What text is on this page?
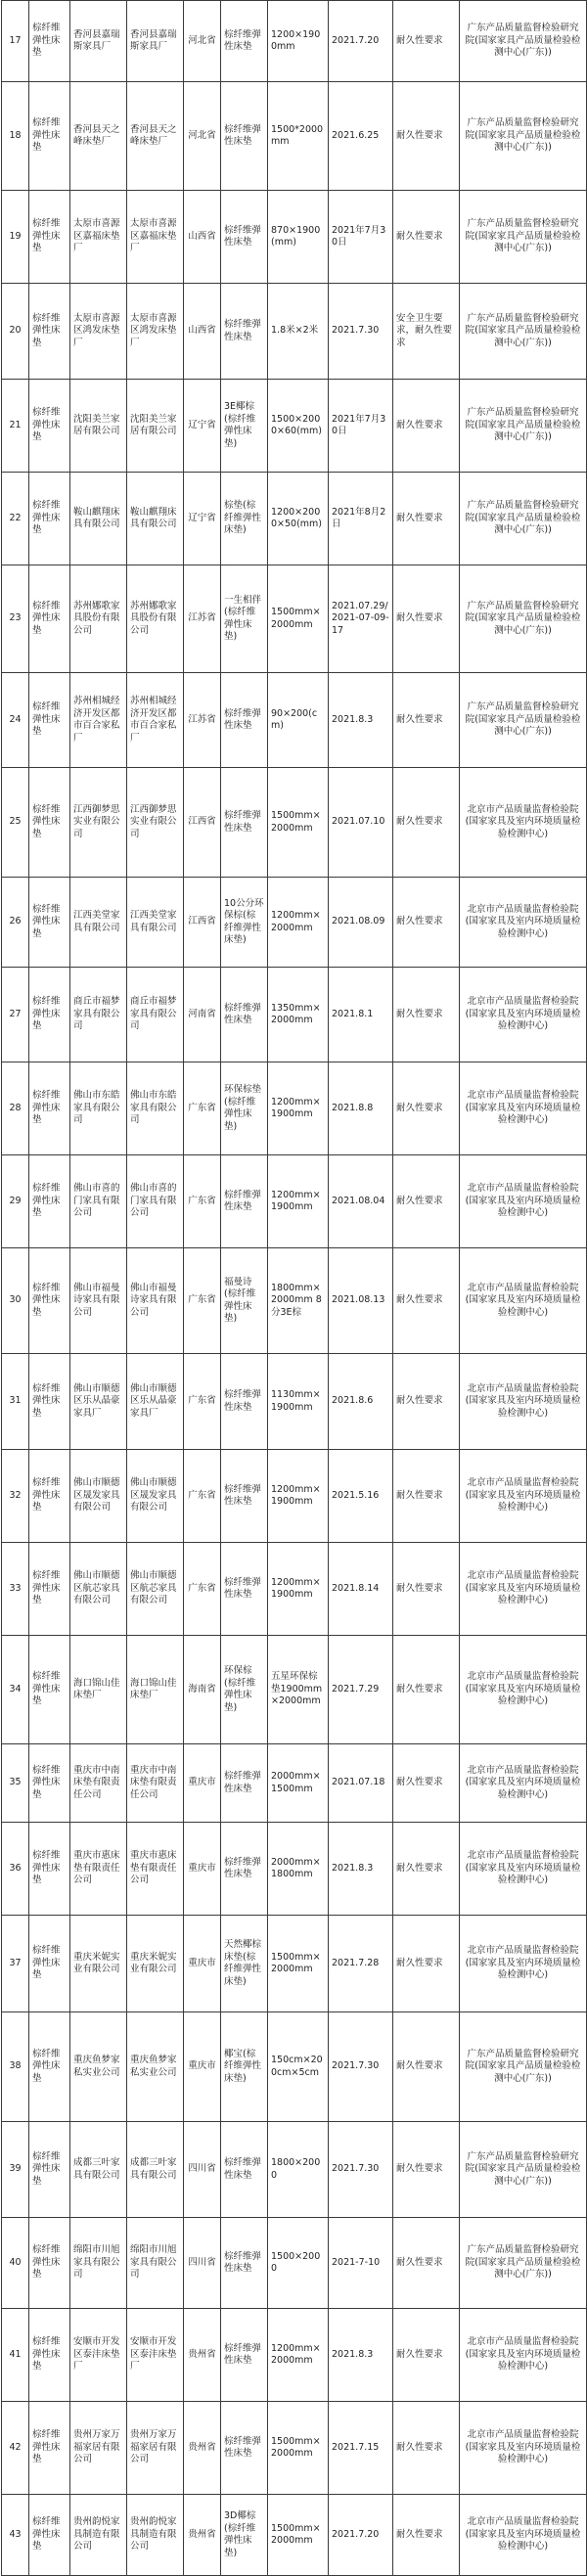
17	棕纤维弹性床垫	香河县嘉瑞斯家具厂	香河县嘉瑞斯家具厂	河北省	棕纤维弹性床垫	1200×1900mm	2021.7.20	耐久性要求	广东产品质量监督检验研究院(国家家具产品质量检验检测中心(广东))
18	棕纤维弹性床垫	香河县天之峰床垫厂	香河县天之峰床垫厂	河北省	棕纤维弹性床垫	1500*2000mm	2021.6.25	耐久性要求	广东产品质量监督检验研究院(国家家具产品质量检验检测中心(广东))
19	棕纤维弹性床垫	太原市喜源区嘉福床垫厂	太原市喜源区嘉福床垫厂	山西省	棕纤维弹性床垫	870×1900(mm)	2021年7月30日	耐久性要求	广东产品质量监督检验研究院(国家家具产品质量检验检测中心(广东))
20	棕纤维弹性床垫	太原市喜源区鸿发床垫厂	太原市喜源区鸿发床垫厂	山西省	棕纤维弹性床垫	1.8米×2米	2021.7.30	安全卫生要求，耐久性要求	广东产品质量监督检验研究院(国家家具产品质量检验检测中心(广东))
21	棕纤维弹性床垫	沈阳美兰家居有限公司	沈阳美兰家居有限公司	辽宁省	3E椰棕(棕纤维弹性床垫)	1500×2000×60(mm)	2021年7月30日	耐久性要求	广东产品质量监督检验研究院(国家家具产品质量检验检测中心(广东))
22	棕纤维弹性床垫	鞍山麒翔床具有限公司	鞍山麒翔床具有限公司	辽宁省	棕垫(棕纤维弹性床垫)	1200×2000×50(mm)	2021年8月2日	耐久性要求	广东产品质量监督检验研究院(国家家具产品质量检验检测中心(广东))
23	棕纤维弹性床垫	苏州娜歌家具股份有限公司	苏州娜歌家具股份有限公司	江苏省	一生相伴(棕纤维弹性床垫)	1500mm×2000mm	2021.07.29/2021-07-09-17	耐久性要求	广东产品质量监督检验研究院(国家家具产品质量检验检测中心(广东))
24	棕纤维弹性床垫	苏州相城经济开发区都市百合家私厂	苏州相城经济开发区都市百合家私厂	江苏省	棕纤维弹性床垫	90×200(cm)	2021.8.3	耐久性要求	广东产品质量监督检验研究院(国家家具产品质量检验检测中心(广东))
25	棕纤维弹性床垫	江西御梦思实业有限公司	江西御梦思实业有限公司	江西省	棕纤维弹性床垫	1500mm×2000mm	2021.07.10	耐久性要求	北京市产品质量监督检验院(国家家具及室内环境质量检验检测中心)
26	棕纤维弹性床垫	江西美堂家具有限公司	江西美堂家具有限公司	江西省	10公分环保棕(棕纤维弹性床垫)	1200mm×2000mm	2021.08.09	耐久性要求	北京市产品质量监督检验院(国家家具及室内环境质量检验检测中心)
27	棕纤维弹性床垫	商丘市福梦家具有限公司	商丘市福梦家具有限公司	河南省	棕纤维弹性床垫	1350mm×2000mm	2021.8.1	耐久性要求	北京市产品质量监督检验院(国家家具及室内环境质量检验检测中心)
28	棕纤维弹性床垫	佛山市东皓家具有限公司	佛山市东皓家具有限公司	广东省	环保棕垫(棕纤维弹性床垫)	1200mm×1900mm	2021.8.8	耐久性要求	北京市产品质量监督检验院(国家家具及室内环境质量检验检测中心)
29	棕纤维弹性床垫	佛山市喜的门家具有限公司	佛山市喜的门家具有限公司	广东省	棕纤维弹性床垫	1200mm×1900mm	2021.08.04	耐久性要求	北京市产品质量监督检验院(国家家具及室内环境质量检验检测中心)
30	棕纤维弹性床垫	佛山市福曼诗家具有限公司	佛山市福曼诗家具有限公司	广东省	福曼诗(棕纤维弹性床垫)	1800mm×2000mm 8分3E棕	2021.08.13	耐久性要求	北京市产品质量监督检验院(国家家具及室内环境质量检验检测中心)
31	棕纤维弹性床垫	佛山市顺德区乐从晶豪家具厂	佛山市顺德区乐从晶豪家具厂	广东省	棕纤维弹性床垫	1130mm×1900mm	2021.8.6	耐久性要求	北京市产品质量监督检验院(国家家具及室内环境质量检验检测中心)
32	棕纤维弹性床垫	佛山市顺德区晟发家具有限公司	佛山市顺德区晟发家具有限公司	广东省	棕纤维弹性床垫	1200mm×1900mm	2021.5.16	耐久性要求	北京市产品质量监督检验院(国家家具及室内环境质量检验检测中心)
33	棕纤维弹性床垫	佛山市顺德区航芯家具有限公司	佛山市顺德区航芯家具有限公司	广东省	棕纤维弹性床垫	1200mm×1900mm	2021.8.14	耐久性要求	北京市产品质量监督检验院(国家家具及室内环境质量检验检测中心)
34	棕纤维弹性床垫	海口锦山佳床垫厂	海口锦山佳床垫厂	海南省	环保棕(棕纤维弹性床垫)	五星环保棕垫1900mm×2000mm	2021.7.29	耐久性要求	北京市产品质量监督检验院(国家家具及室内环境质量检验检测中心)
35	棕纤维弹性床垫	重庆市中南床垫有限责任公司	重庆市中南床垫有限责任公司	重庆市	棕纤维弹性床垫	2000mm×1500mm	2021.07.18	耐久性要求	北京市产品质量监督检验院(国家家具及室内环境质量检验检测中心)
36	棕纤维弹性床垫	重庆市惠床垫有限责任公司	重庆市惠床垫有限责任公司	重庆市	棕纤维弹性床垫	2000mm×1800mm	2021.8.3	耐久性要求	北京市产品质量监督检验院(国家家具及室内环境质量检验检测中心)
37	棕纤维弹性床垫	重庆米妮实业有限公司	重庆米妮实业有限公司	重庆市	天然椰棕床垫(棕纤维弹性床垫)	1500mm×2000mm	2021.7.28	耐久性要求	北京市产品质量监督检验院(国家家具及室内环境质量检验检测中心)
38	棕纤维弹性床垫	重庆鱼梦家私实业公司	重庆鱼梦家私实业公司	重庆市	椰宝(棕纤维弹性床垫)	150cm×200cm×5cm	2021.7.30	耐久性要求	广东产品质量监督检验研究院(国家家具产品质量检验检测中心(广东))
39	棕纤维弹性床垫	成都三叶家具有限公司	成都三叶家具有限公司	四川省	棕纤维弹性床垫	1800×2000	2021.7.30	耐久性要求	广东产品质量监督检验研究院(国家家具产品质量检验检测中心(广东))
40	棕纤维弹性床垫	绵阳市川旭家具有限公司	绵阳市川旭家具有限公司	四川省	棕纤维弹性床垫	1500×2000	2021-7-10	耐久性要求	广东产品质量监督检验研究院(国家家具产品质量检验检测中心(广东))
41	棕纤维弹性床垫	安顺市开发区泰沣床垫厂	安顺市开发区泰沣床垫厂	贵州省	棕纤维弹性床垫	1200mm×2000mm	2021.8.3	耐久性要求	北京市产品质量监督检验院(国家家具及室内环境质量检验检测中心)
42	棕纤维弹性床垫	贵州万家万福家居有限公司	贵州万家万福家居有限公司	贵州省	棕纤维弹性床垫	1500mm×2000mm	2021.7.15	耐久性要求	北京市产品质量监督检验院(国家家具及室内环境质量检验检测中心)
43	棕纤维弹性床垫	贵州韵悦家具制造有限公司	贵州韵悦家具制造有限公司	贵州省	3D椰棕(棕纤维弹性床垫)	1500mm×2000mm	2021.7.20	耐久性要求	北京市产品质量监督检验院(国家家具及室内环境质量检验检测中心)
